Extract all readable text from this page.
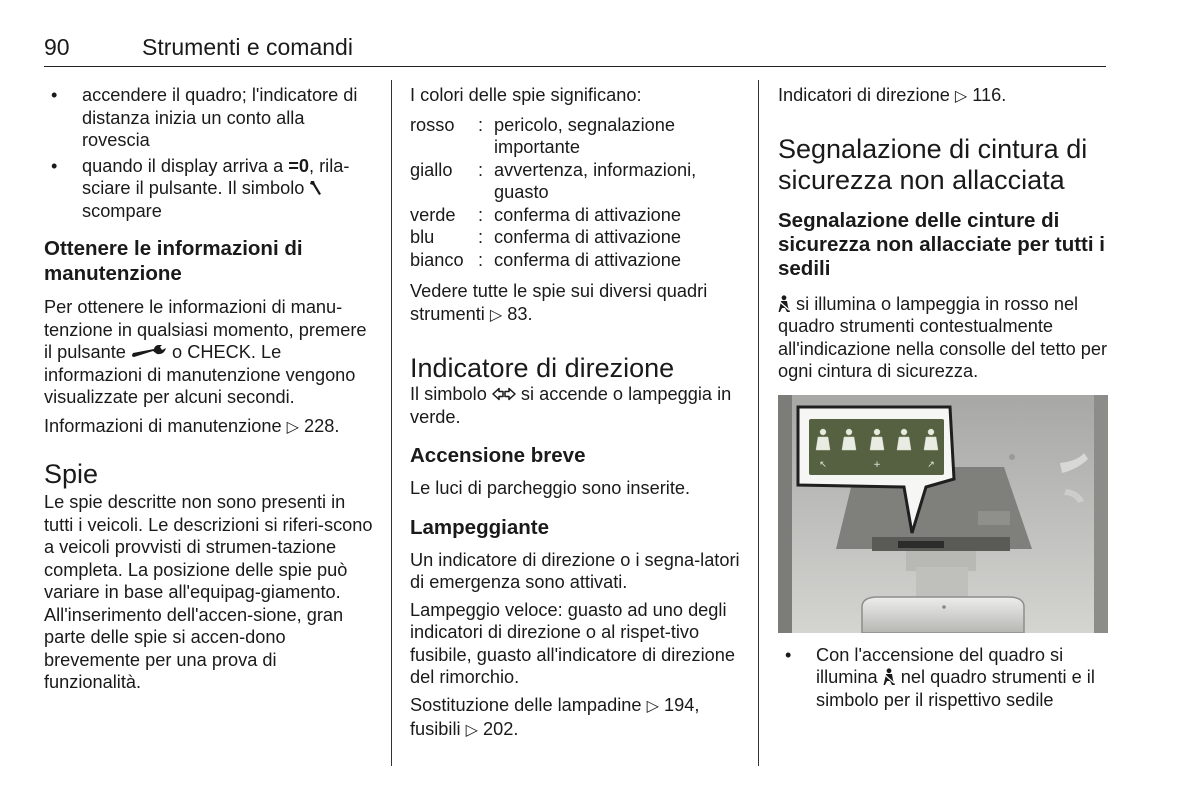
90	Strumenti e comandi
• accendere il quadro; l'indicatore di distanza inizia un conto alla rovescia
• quando il display arriva a =0, rila-sciare il pulsante. Il simbolo scompare
Ottenere le informazioni di manutenzione

Per ottenere le informazioni di manu-tenzione in qualsiasi momento, premere il pulsante  o CHECK. Le informazioni di manutenzione vengono visualizzate per alcuni secondi.

Informazioni di manutenzione ▷ 228.

Spie

Le spie descritte non sono presenti in tutti i veicoli. Le descrizioni si riferi-scono a veicoli provvisti di strumen-tazione completa. La posizione delle spie può variare in base all'equipag-giamento. All'inserimento dell'accen-sione, gran parte delle spie si accen-dono brevemente per una prova di funzionalità.

I colori delle spie significano:

rosso	:	pericolo, segnalazione importante
giallo	:	avvertenza, informazioni, guasto
verde	:	conferma di attivazione
blu	:	conferma di attivazione
bianco	:	conferma di attivazione

Vedere tutte le spie sui diversi quadri strumenti ▷ 83.

Indicatore di direzione

Il simbolo  si accende o lampeggia in verde.

Accensione breve

Le luci di parcheggio sono inserite.

Lampeggiante

Un indicatore di direzione o i segna-latori di emergenza sono attivati.

Lampeggio veloce: guasto ad uno degli indicatori di direzione o al rispet-tivo fusibile, guasto all'indicatore di direzione del rimorchio.

Sostituzione delle lampadine ▷ 194,
fusibili ▷ 202.

Indicatori di direzione ▷ 116.

Segnalazione di cintura di sicurezza non allacciata
Segnalazione delle cinture di sicurezza non allacciate per tutti i sedili

si illumina o lampeggia in rosso nel quadro strumenti contestualmente all'indicazione nella consolle del tetto per ogni cintura di sicurezza.

↖	+	↗
• Con l'accensione del quadro si illumina  nel quadro strumenti e il simbolo per il rispettivo sedile
